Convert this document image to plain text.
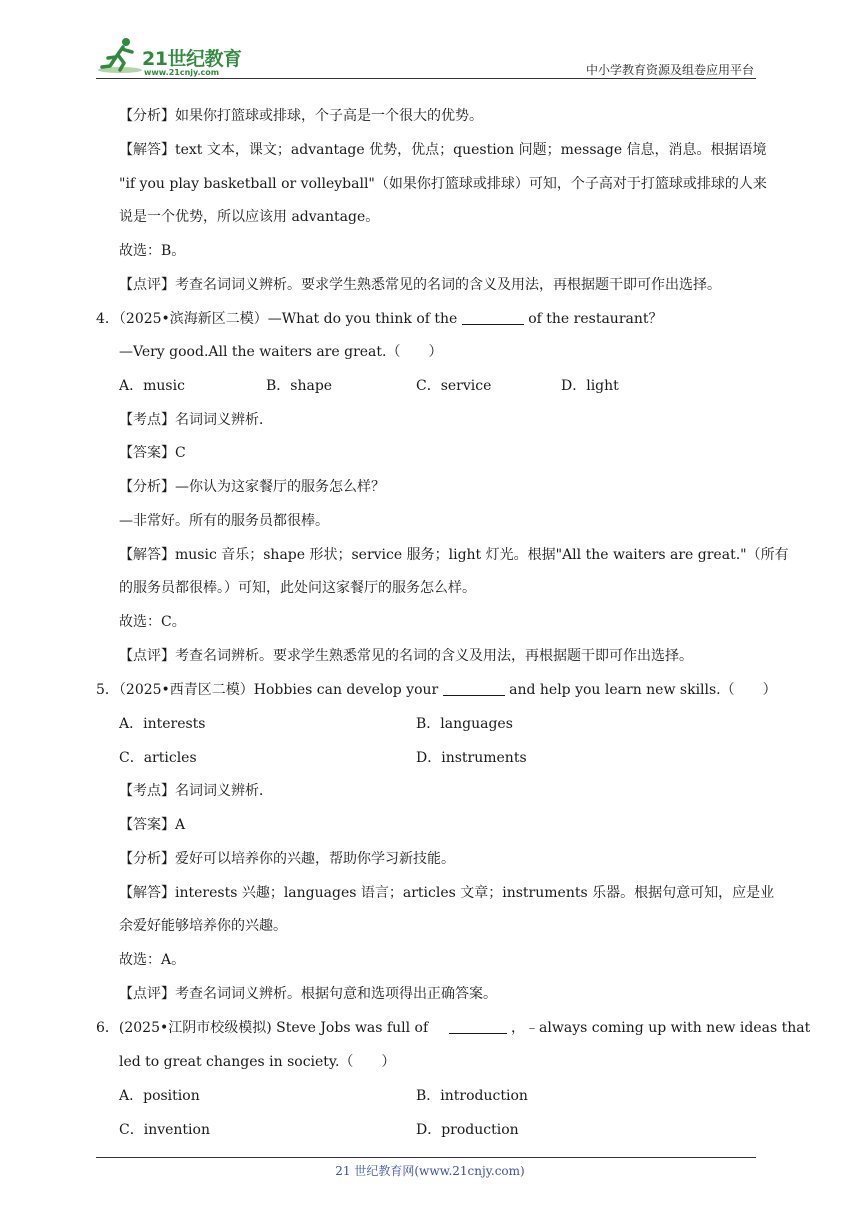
21世纪教育
www.21cnjy.com	中小学教育资源及组卷应用平台
【分析】如果你打篮球或排球，个子高是一个很大的优势。
【解答】text 文本，课文；advantage 优势，优点；question 问题；message 信息，消息。根据语境
"if you play basketball or volleyball"（如果你打篮球或排球）可知，个子高对于打篮球或排球的人来
说是一个优势，所以应该用 advantage。
故选：B。
【点评】考查名词词义辨析。要求学生熟悉常见的名词的含义及用法，再根据题干即可作出选择。
4．（2025•滨海新区二模）—What do you think of the	of the restaurant？
—Very good.All the waiters are great.（　　）
A．music	B．shape	C．service	D．light
【考点】名词词义辨析．
【答案】C
【分析】—你认为这家餐厅的服务怎么样？
—非常好。所有的服务员都很棒。
【解答】music 音乐；shape 形状；service 服务；light 灯光。根据"All the waiters are great."（所有
的服务员都很棒。）可知，此处问这家餐厅的服务怎么样。
故选：C。
【点评】考查名词辨析。要求学生熟悉常见的名词的含义及用法，再根据题干即可作出选择。
5．（2025•西青区二模）Hobbies can develop your	and help you learn new skills.（　　）
A．interests	B．languages
C．articles	D．instruments
【考点】名词词义辨析．
【答案】A
【分析】爱好可以培养你的兴趣，帮助你学习新技能。
【解答】interests 兴趣；languages 语言；articles 文章；instruments 乐器。根据句意可知，应是业
余爱好能够培养你的兴趣。
故选：A。
【点评】考查名词词义辨析。根据句意和选项得出正确答案。
6．(2025•江阴市校级模拟) Steve Jobs was full of	，﹣always coming up with new ideas that
led to great changes in society.（　　）
A．position	B．introduction
C．invention	D．production
21 世纪教育网(www.21cnjy.com)
